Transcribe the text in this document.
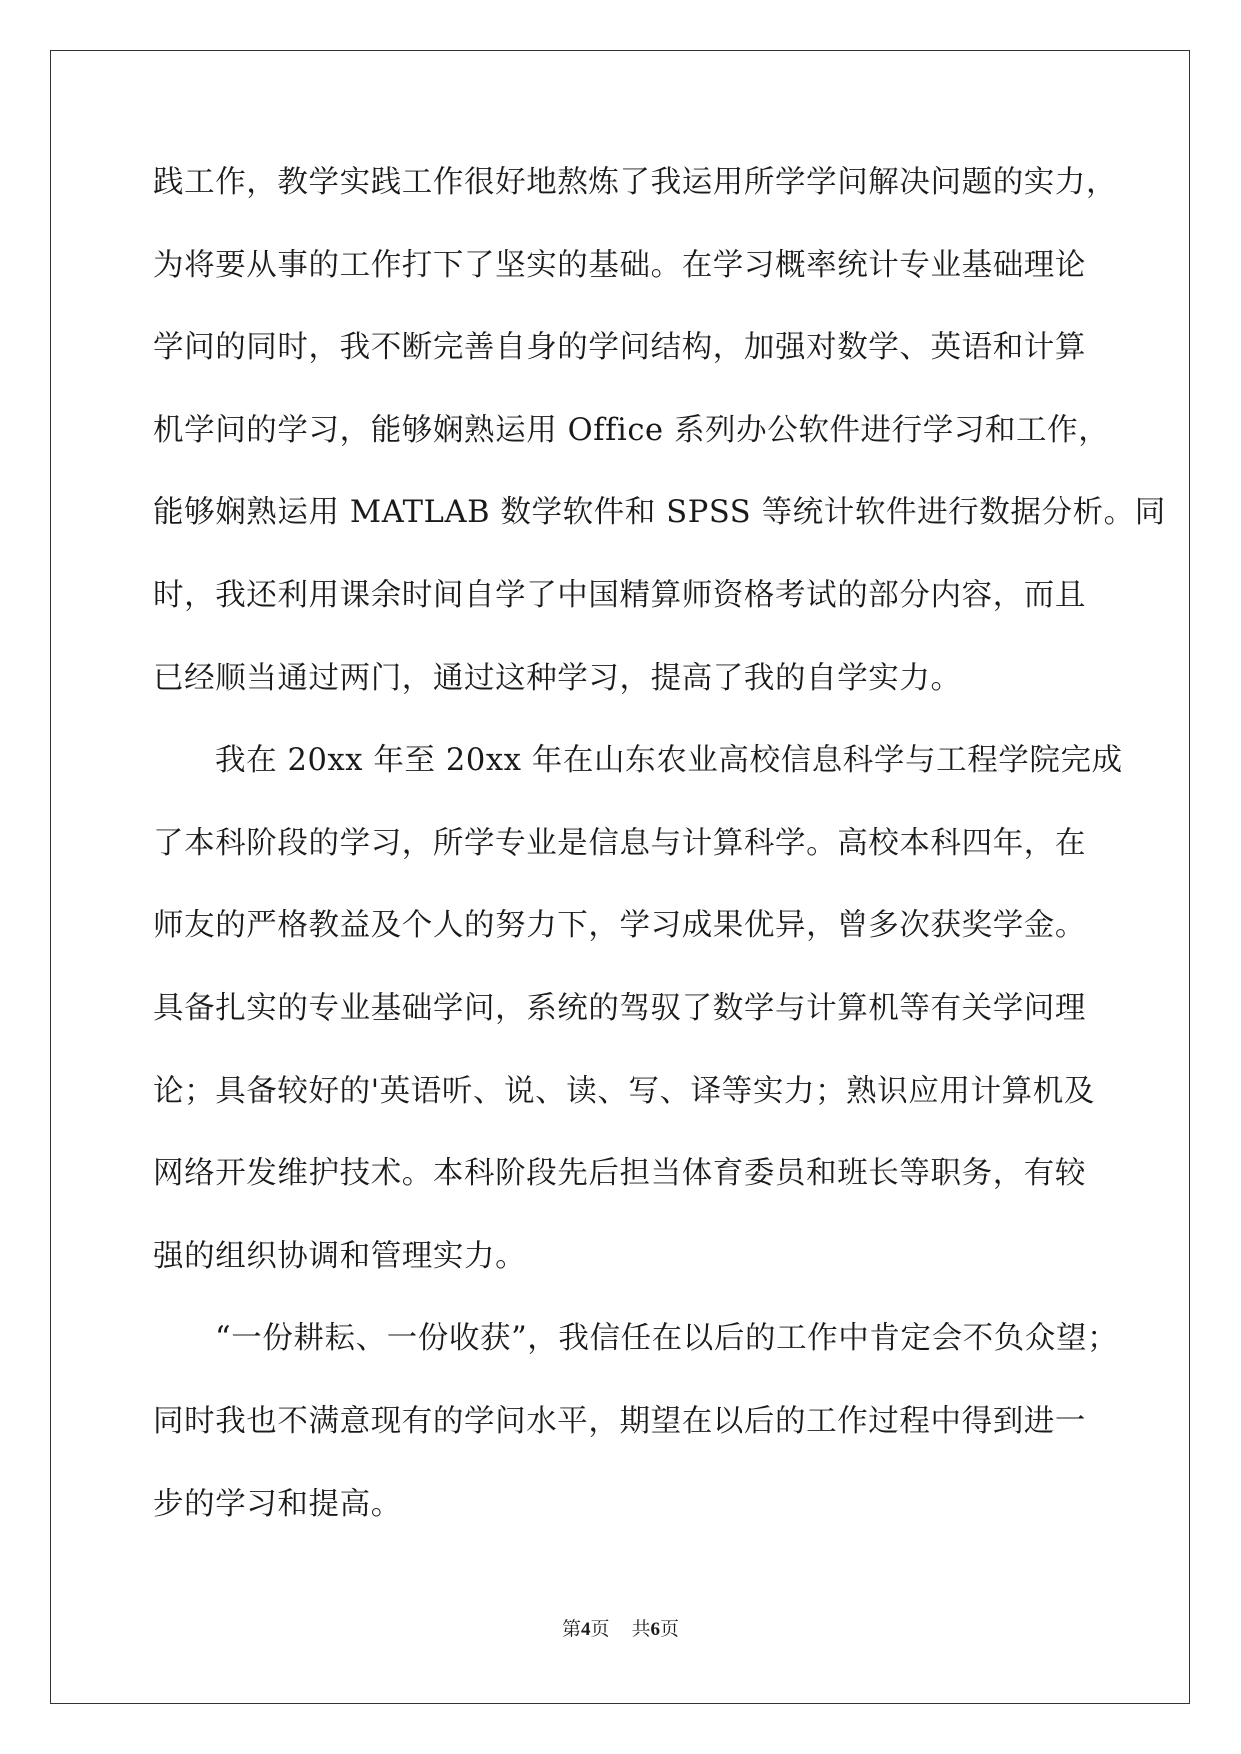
践工作，教学实践工作很好地熬炼了我运用所学学问解决问题的实力，
为将要从事的工作打下了坚实的基础。在学习概率统计专业基础理论
学问的同时，我不断完善自身的学问结构，加强对数学、英语和计算
机学问的学习，能够娴熟运用 Office 系列办公软件进行学习和工作，
能够娴熟运用 MATLAB 数学软件和 SPSS 等统计软件进行数据分析。同
时，我还利用课余时间自学了中国精算师资格考试的部分内容，而且
已经顺当通过两门，通过这种学习，提高了我的自学实力。
我在 20xx 年至 20xx 年在山东农业高校信息科学与工程学院完成
了本科阶段的学习，所学专业是信息与计算科学。高校本科四年，在
师友的严格教益及个人的努力下，学习成果优异，曾多次获奖学金。
具备扎实的专业基础学问，系统的驾驭了数学与计算机等有关学问理
论；具备较好的'英语听、说、读、写、译等实力；熟识应用计算机及
网络开发维护技术。本科阶段先后担当体育委员和班长等职务，有较
强的组织协调和管理实力。
“一份耕耘、一份收获”，我信任在以后的工作中肯定会不负众望；
同时我也不满意现有的学问水平，期望在以后的工作过程中得到进一
步的学习和提高。
第4页 共6页
